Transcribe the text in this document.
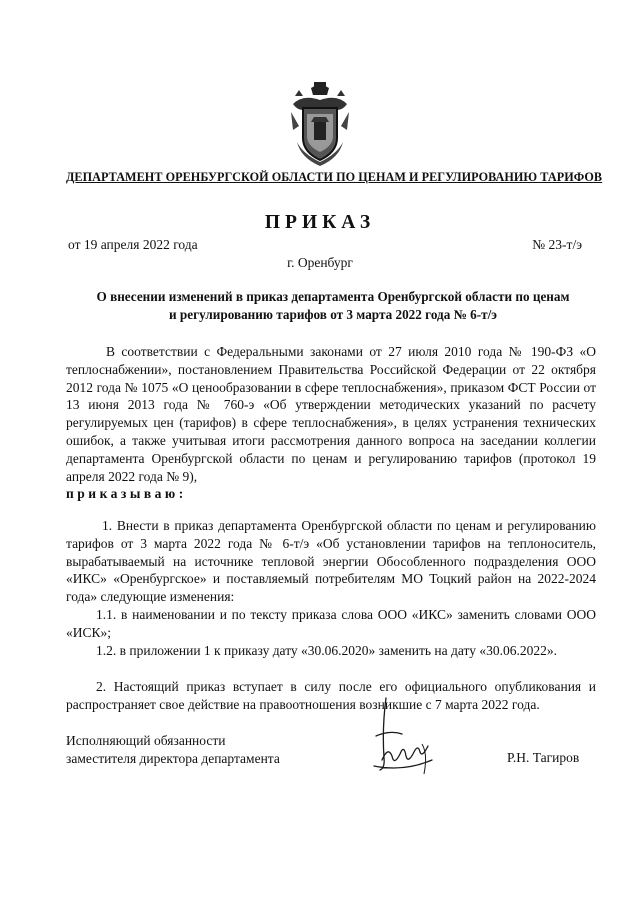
ДЕПАРТАМЕНТ ОРЕНБУРГСКОЙ ОБЛАСТИ ПО ЦЕНАМ И РЕГУЛИРОВАНИЮ ТАРИФОВ
ПРИКАЗ
от 19 апреля 2022 года	№ 23-т/э
г. Оренбург
О внесении изменений в приказ департамента Оренбургской области по ценам
и регулированию тарифов от 3 марта 2022 года № 6-т/э

В соответствии с Федеральными законами от 27 июля 2010 года № 190-ФЗ «О теплоснабжении», постановлением Правительства Российской Федерации от 22 октября 2012 года № 1075 «О ценообразовании в сфере теплоснабжения», приказом ФСТ России от 13 июня 2013 года № 760-э «Об утверждении методических указаний по расчету регулируемых цен (тарифов) в сфере теплоснабжения», в целях устранения технических ошибок, а также учитывая итоги рассмотрения данного вопроса на заседании коллегии департамента Оренбургской области по ценам и регулированию тарифов (протокол 19 апреля 2022 года № 9),
приказываю:

1. Внести в приказ департамента Оренбургской области по ценам и регулированию тарифов от 3 марта 2022 года № 6-т/э «Об установлении тарифов на теплоноситель, вырабатываемый на источнике тепловой энергии Обособленного подразделения ООО «ИКС» «Оренбургское» и поставляемый потребителям МО Тоцкий район на 2022-2024 года» следующие изменения:

1.1. в наименовании и по тексту приказа слова ООО «ИКС» заменить словами ООО «ИСК»;

1.2. в приложении 1 к приказу дату «30.06.2020» заменить на дату «30.06.2022».

2. Настоящий приказ вступает в силу после его официального опубликования и распространяет свое действие на правоотношения возникшие с 7 марта 2022 года.

Исполняющий обязанности
заместителя директора департамента	Р.Н. Тагиров
